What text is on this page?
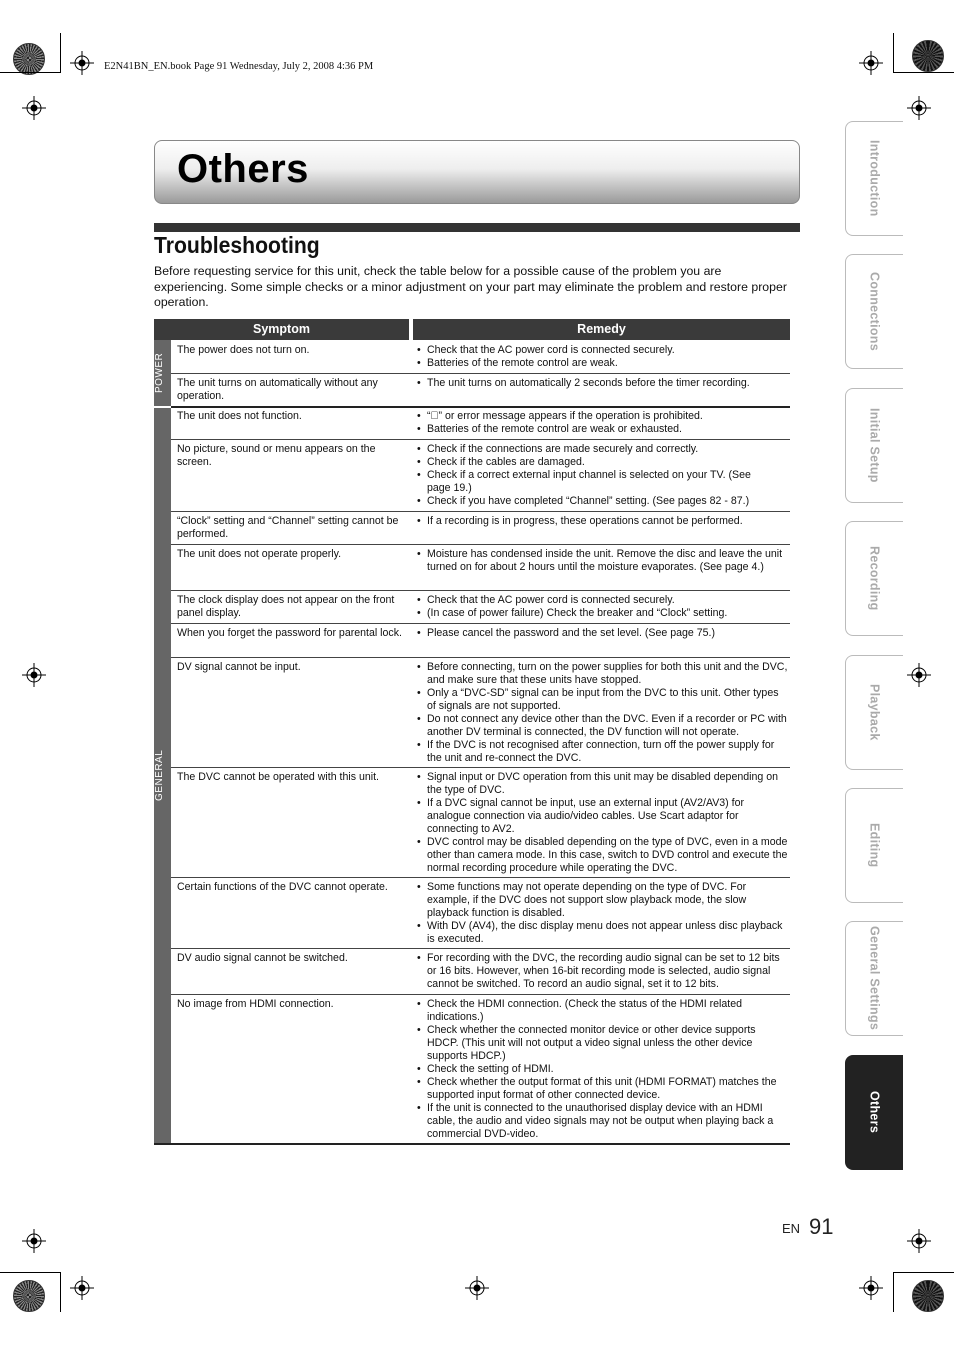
E2N41BN_EN.book Page 91 Wednesday, July 2, 2008 4:36 PM
Others
Troubleshooting
Before requesting service for this unit, check the table below for a possible cause of the problem you are experiencing. Some simple checks or a minor adjustment on your part may eliminate the problem and restore proper operation.
Symptom	Remedy
POWER
GENERAL
The power does not turn on.	• Check that the AC power cord is connected securely.
• Batteries of the remote control are weak.
The unit turns on automatically without any operation.
• The unit turns on automatically 2 seconds before the timer recording.
The unit does not function.	• “⃠” or error message appears if the operation is prohibited.
• Batteries of the remote control are weak or exhausted.
No picture, sound or menu appears on the screen.
• Check if the connections are made securely and correctly.
• Check if the cables are damaged.
• Check if a correct external input channel is selected on your TV. (See page 19.)
• Check if you have completed “Channel” setting. (See pages 82 - 87.)
“Clock” setting and “Channel” setting cannot be performed.
• If a recording is in progress, these operations cannot be performed.
The unit does not operate properly.	• Moisture has condensed inside the unit. Remove the disc and leave the unit turned on for about 2 hours until the moisture evaporates. (See page 4.)
The clock display does not appear on the front panel display.
• Check that the AC power cord is connected securely.
• (In case of power failure) Check the breaker and “Clock” setting.
When you forget the password for parental lock.	• Please cancel the password and the set level. (See page 75.)
DV signal cannot be input.	• Before connecting, turn on the power supplies for both this unit and the DVC, and make sure that these units have stopped.
• Only a “DVC-SD” signal can be input from the DVC to this unit. Other types of signals are not supported.
• Do not connect any device other than the DVC. Even if a recorder or PC with another DV terminal is connected, the DV function will not operate.
• If the DVC is not recognised after connection, turn off the power supply for the unit and re-connect the DVC.
The DVC cannot be operated with this unit.	• Signal input or DVC operation from this unit may be disabled depending on the type of DVC.
• If a DVC signal cannot be input, use an external input (AV2/AV3) for analogue connection via audio/video cables. Use Scart adaptor for connecting to AV2.
• DVC control may be disabled depending on the type of DVC, even in a mode other than camera mode. In this case, switch to DVD control and execute the normal recording procedure while operating the DVC.
Certain functions of the DVC cannot operate.	• Some functions may not operate depending on the type of DVC. For example, if the DVC does not support slow playback mode, the slow playback function is disabled.
• With DV (AV4), the disc display menu does not appear unless disc playback is executed.
DV audio signal cannot be switched.	• For recording with the DVC, the recording audio signal can be set to 12 bits or 16 bits. However, when 16-bit recording mode is selected, audio signal cannot be switched. To record an audio signal, set it to 12 bits.
No image from HDMI connection.	• Check the HDMI connection. (Check the status of the HDMI related indications.)
• Check whether the connected monitor device or other device supports HDCP. (This unit will not output a video signal unless the other device supports HDCP.)
• Check the setting of HDMI.
• Check whether the output format of this unit (HDMI FORMAT) matches the supported input format of other connected device.
• If the unit is connected to the unauthorised display device with an HDMI cable, the audio and video signals may not be output when playing back a commercial DVD-video.
Introduction
Connections
Initial Setup
Recording
Playback
Editing
General Settings
Others
EN 91
